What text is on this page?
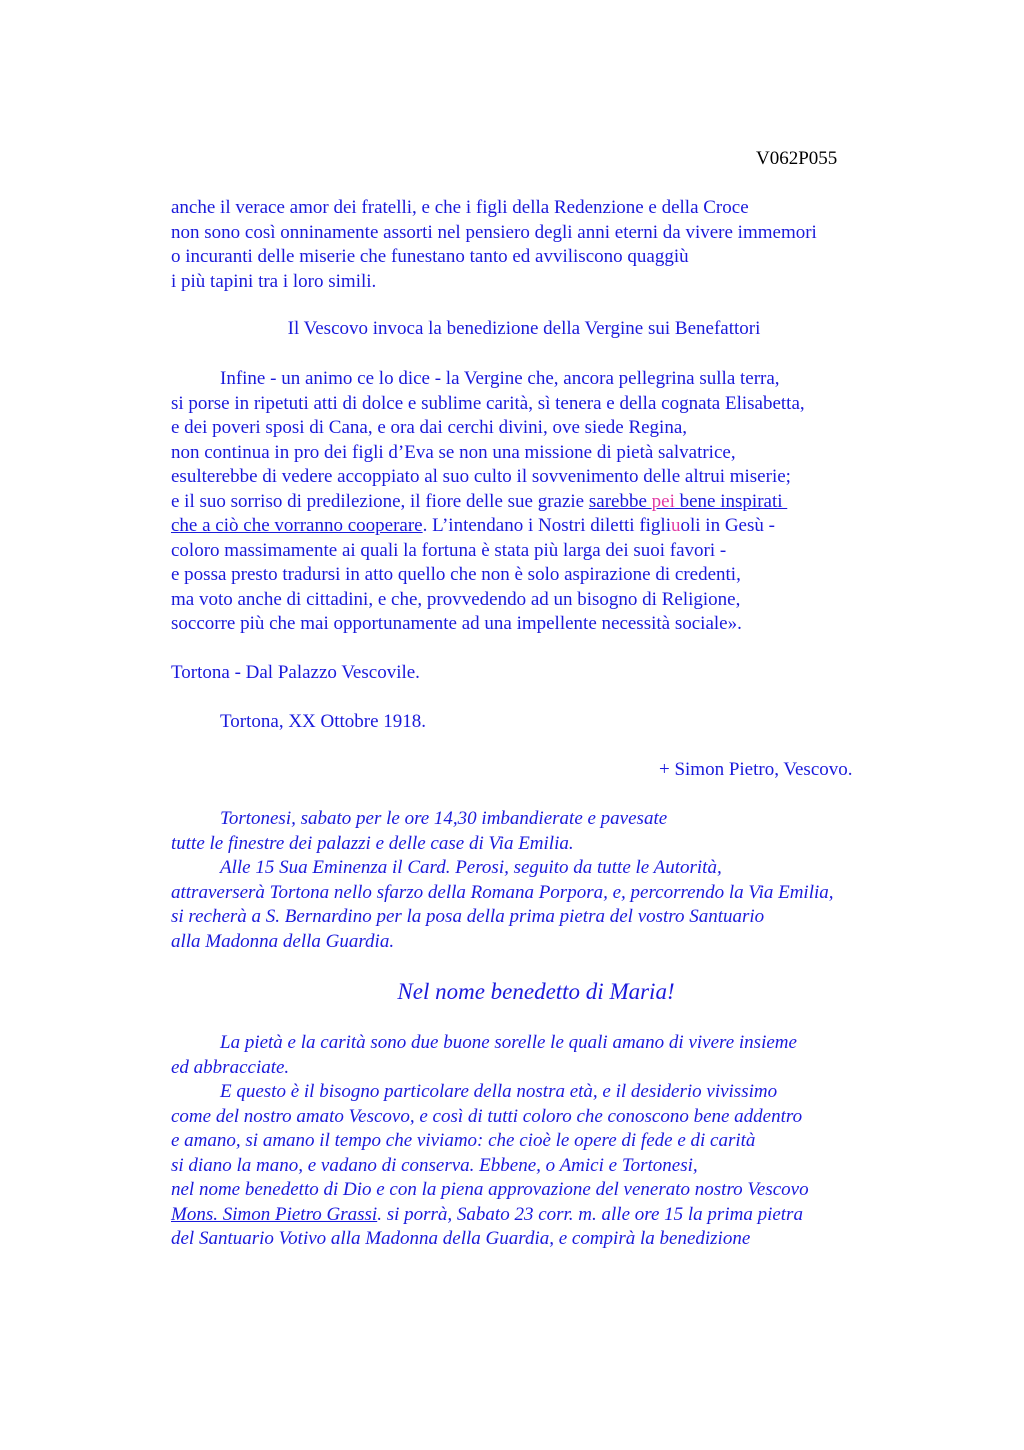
V062P055
anche il verace amor dei fratelli, e che i figli della Redenzione e della Croce
non sono così onninamente assorti nel pensiero degli anni eterni da vivere immemori
o incuranti delle miserie che funestano tanto ed avviliscono quaggiù
i più tapini tra i loro simili.
Il Vescovo invoca la benedizione della Vergine sui Benefattori
Infine - un animo ce lo dice - la Vergine che, ancora pellegrina sulla terra,
si porse in ripetuti atti di dolce e sublime carità, sì tenera e della cognata Elisabetta,
e dei poveri sposi di Cana, e ora dai cerchi divini, ove siede Regina,
non continua in pro dei figli d’Eva se non una missione di pietà salvatrice,
esulterebbe di vedere accoppiato al suo culto il sovvenimento delle altrui miserie;
e il suo sorriso di predilezione, il fiore delle sue grazie sarebbe pei bene inspirati
che a ciò che vorranno cooperare. L’intendano i Nostri diletti figliuoli in Gesù -
coloro massimamente ai quali la fortuna è stata più larga dei suoi favori -
e possa presto tradursi in atto quello che non è solo aspirazione di credenti,
ma voto anche di cittadini, e che, provvedendo ad un bisogno di Religione,
soccorre più che mai opportunamente ad una impellente necessità sociale».
Tortona - Dal Palazzo Vescovile.
Tortona, XX Ottobre 1918.
+ Simon Pietro, Vescovo.
Tortonesi, sabato per le ore 14,30 imbandierate e pavesate
tutte le finestre dei palazzi e delle case di Via Emilia.
Alle 15 Sua Eminenza il Card. Perosi, seguito da tutte le Autorità,
attraverserà Tortona nello sfarzo della Romana Porpora, e, percorrendo la Via Emilia,
si recherà a S. Bernardino per la posa della prima pietra del vostro Santuario
alla Madonna della Guardia.
Nel nome benedetto di Maria!
La pietà e la carità sono due buone sorelle le quali amano di vivere insieme
ed abbracciate.
E questo è il bisogno particolare della nostra età, e il desiderio vivissimo
come del nostro amato Vescovo, e così di tutti coloro che conoscono bene addentro
e amano, si amano il tempo che viviamo: che cioè le opere di fede e di carità
si diano la mano, e vadano di conserva. Ebbene, o Amici e Tortonesi,
nel nome benedetto di Dio e con la piena approvazione del venerato nostro Vescovo
Mons. Simon Pietro Grassi. si porrà, Sabato 23 corr. m. alle ore 15 la prima pietra
del Santuario Votivo alla Madonna della Guardia, e compirà la benedizione
